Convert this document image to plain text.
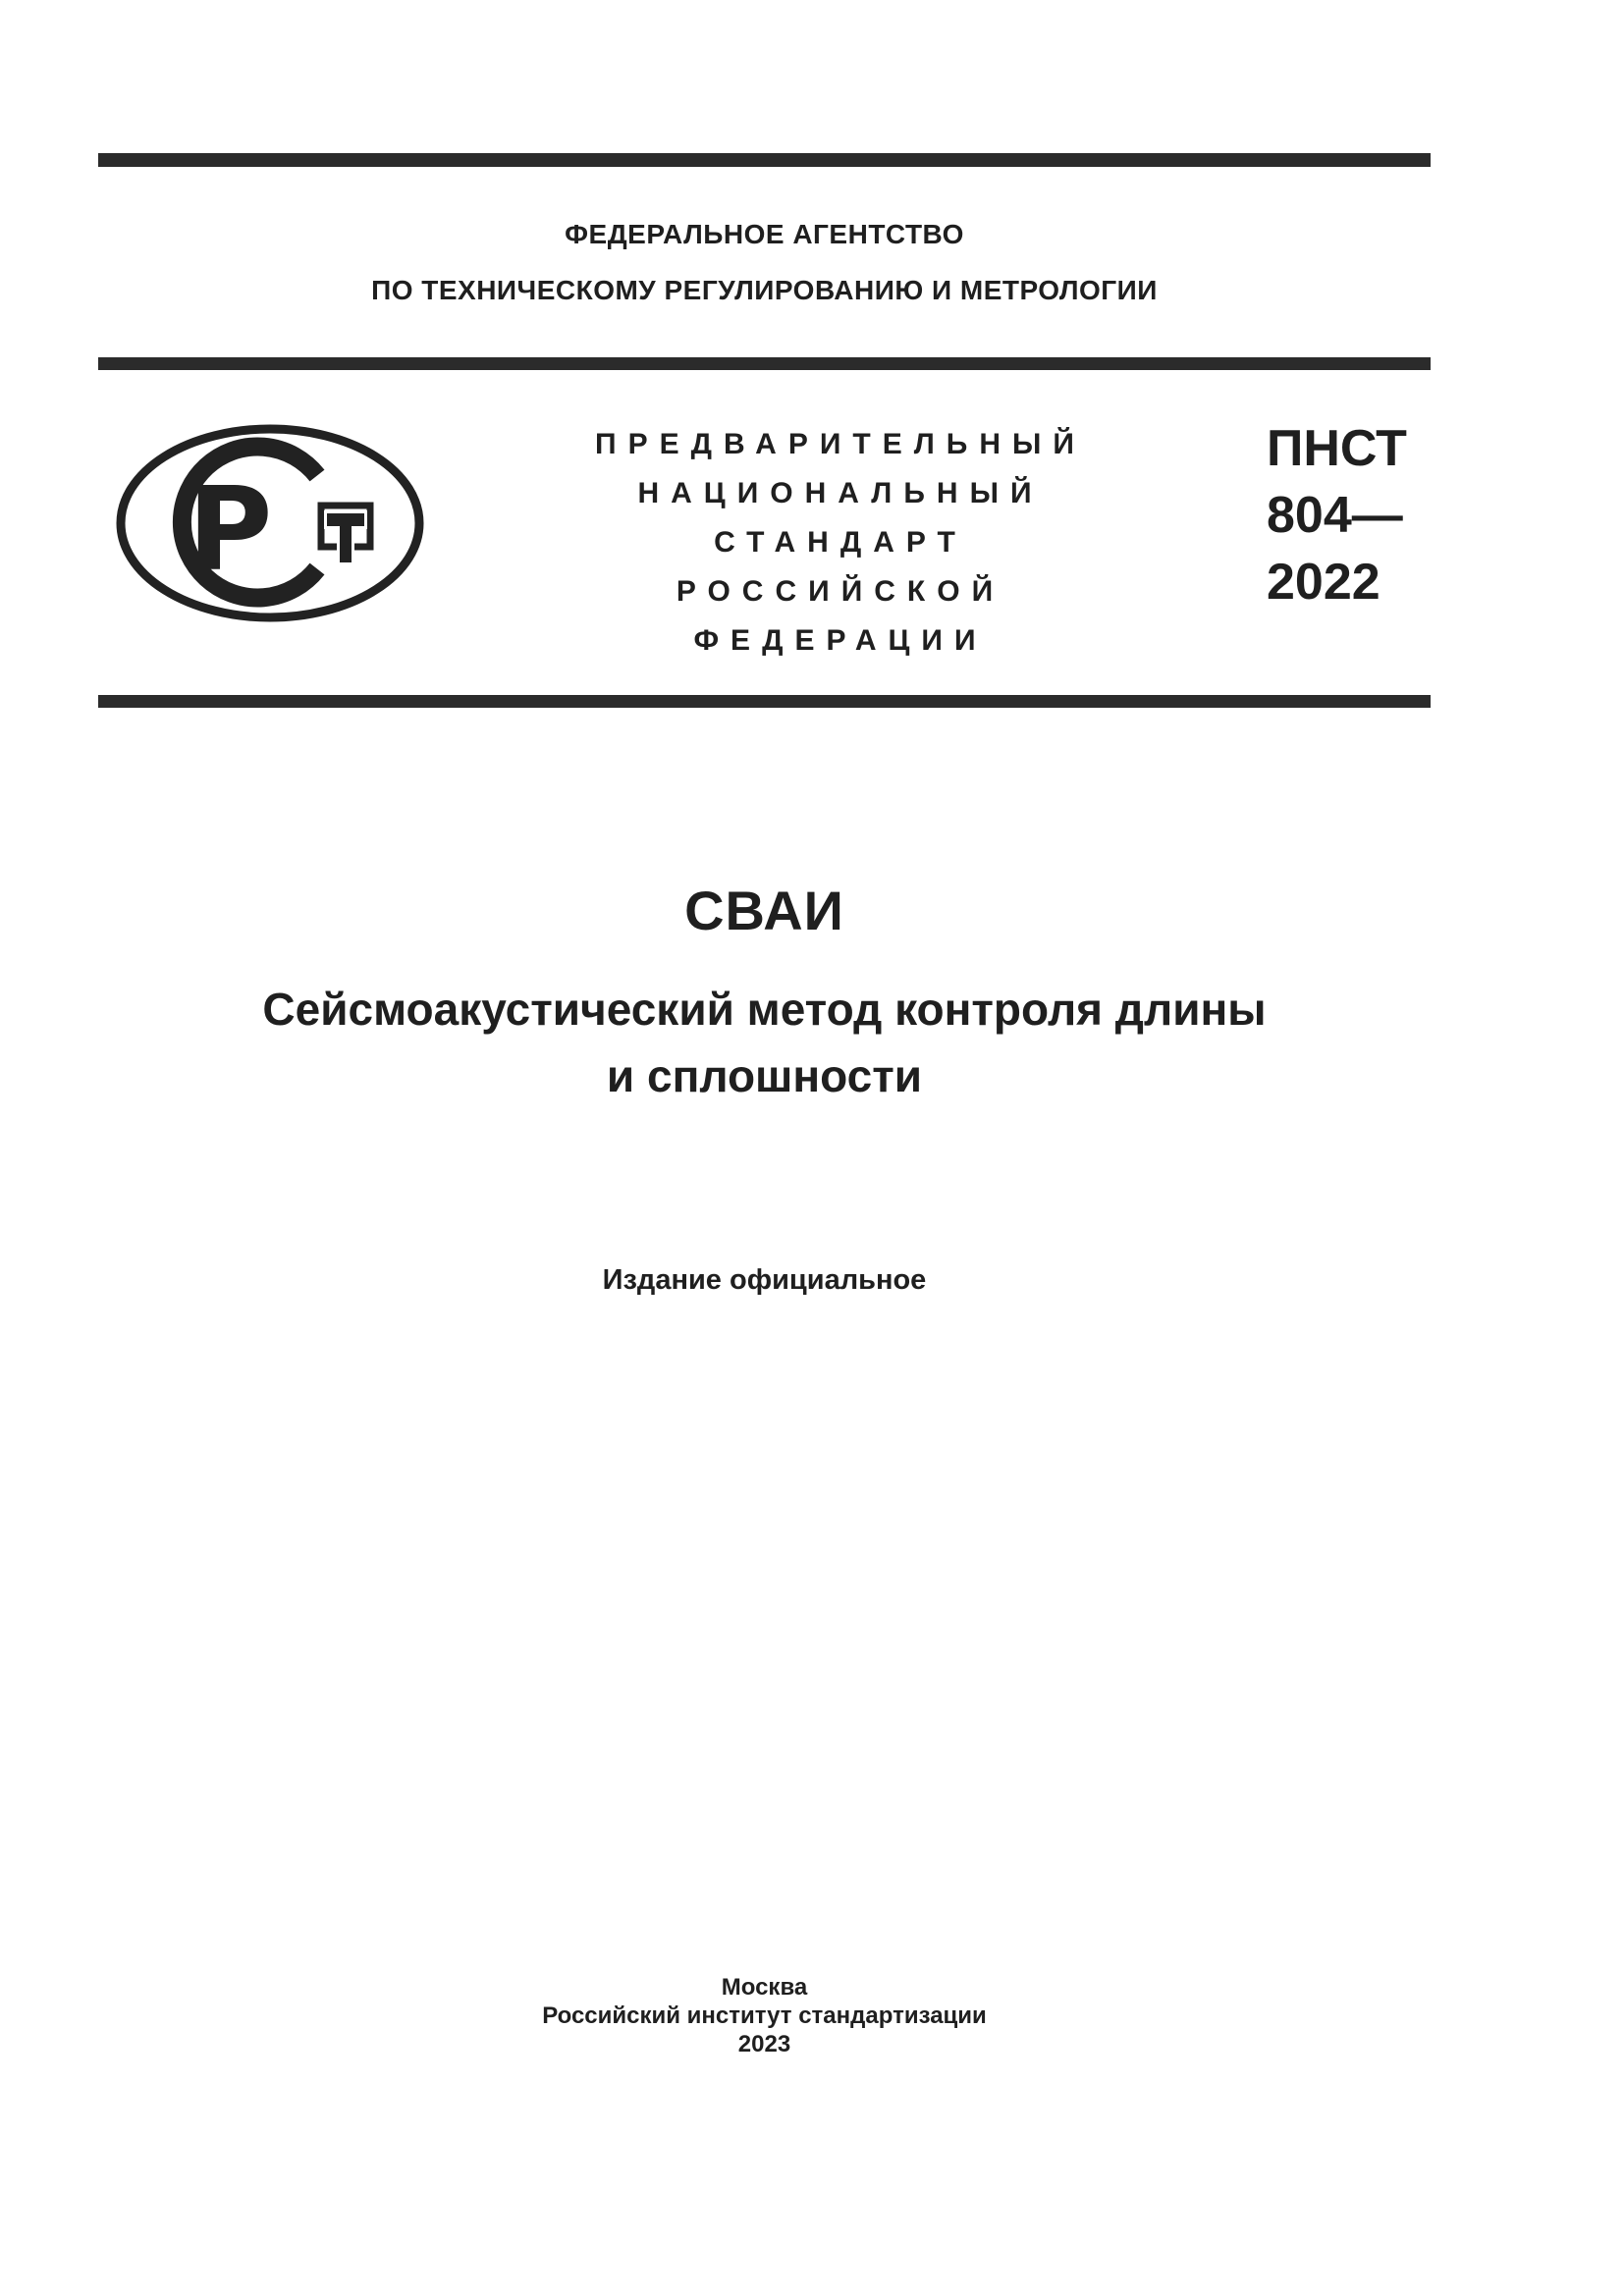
ФЕДЕРАЛЬНОЕ АГЕНТСТВО
ПО ТЕХНИЧЕСКОМУ РЕГУЛИРОВАНИЮ И МЕТРОЛОГИИ
Р
ПРЕДВАРИТЕЛЬНЫЙ
НАЦИОНАЛЬНЫЙ
СТАНДАРТ
РОССИЙСКОЙ
ФЕДЕРАЦИИ
ПНСТ
804—
2022
СВАИ
Сейсмоакустический метод контроля длины
и сплошности
Издание официальное
Москва
Российский институт стандартизации
2023
